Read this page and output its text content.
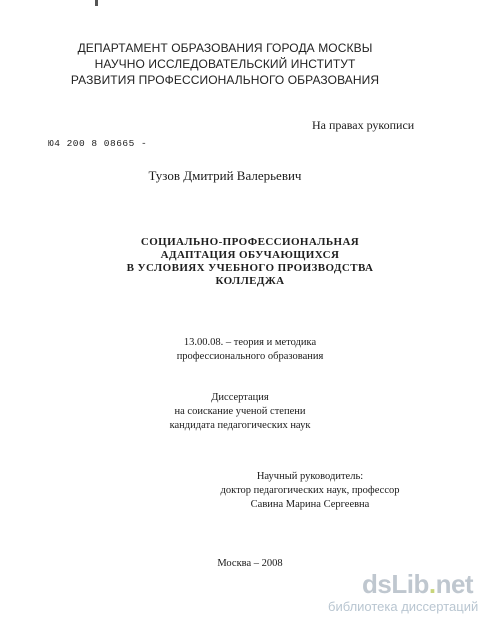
ДЕПАРТАМЕНТ ОБРАЗОВАНИЯ ГОРОДА МОСКВЫ
НАУЧНО ИССЛЕДОВАТЕЛЬСКИЙ ИНСТИТУТ
РАЗВИТИЯ ПРОФЕССИОНАЛЬНОГО ОБРАЗОВАНИЯ
На правах рукописи
Ю4 200 8 08665 -
Тузов Дмитрий Валерьевич
СОЦИАЛЬНО-ПРОФЕССИОНАЛЬНАЯ
АДАПТАЦИЯ ОБУЧАЮЩИХСЯ
В УСЛОВИЯХ УЧЕБНОГО ПРОИЗВОДСТВА
КОЛЛЕДЖА
13.00.08. – теория и методика
профессионального образования
Диссертация
на соискание ученой степени
кандидата педагогических наук
Научный руководитель:
доктор педагогических наук, профессор
Савина Марина Сергеевна
Москва – 2008
dsLib.net
библиотека диссертаций
